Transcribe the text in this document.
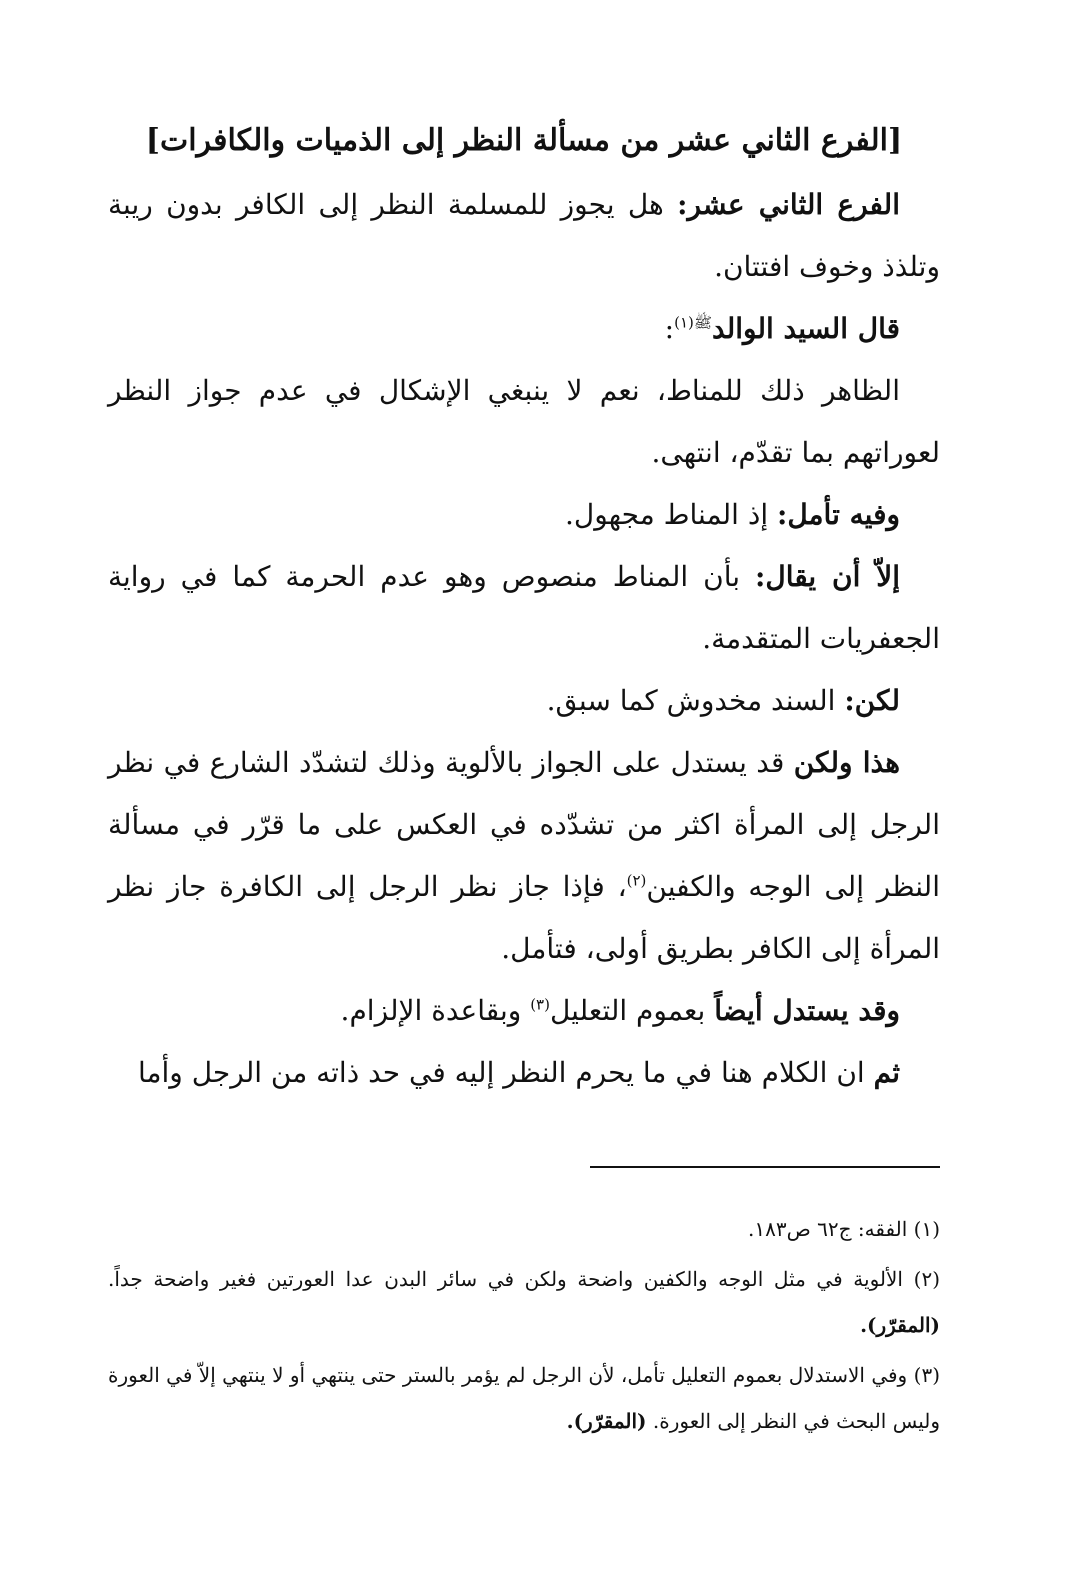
[الفرع الثاني عشر من مسألة النظر إلى الذميات والكافرات]

الفرع الثاني عشر: هل يجوز للمسلمة النظر إلى الكافر بدون ريبة وتلذذ وخوف افتتان.

قال السيد الوالد$^{ﷺ(١)}$:

الظاهر ذلك للمناط، نعم لا ينبغي الإشكال في عدم جواز النظر لعوراتهم بما تقدّم، انتهى.

وفيه تأمل: إذ المناط مجهول.

إلاّ أن يقال: بأن المناط منصوص وهو عدم الحرمة كما في رواية الجعفريات المتقدمة.

لكن: السند مخدوش كما سبق.

هذا ولكن قد يستدل على الجواز بالألوية وذلك لتشدّد الشارع في نظر الرجل إلى المرأة اكثر من تشدّده في العكس على ما قرّر في مسألة النظر إلى الوجه والكفين$^{(٢)}$، فإذا جاز نظر الرجل إلى الكافرة جاز نظر المرأة إلى الكافر بطريق أولى، فتأمل.

وقد يستدل أيضاً بعموم التعليل$^{(٣)}$ وبقاعدة الإلزام.

ثم ان الكلام هنا في ما يحرم النظر إليه في حد ذاته من الرجل وأما

(١) الفقه: ج٦٢ ص١٨٣.

(٢) الألوية في مثل الوجه والكفين واضحة ولكن في سائر البدن عدا العورتين فغير واضحة جداً. (المقرّر).

(٣) وفي الاستدلال بعموم التعليل تأمل، لأن الرجل لم يؤمر بالستر حتى ينتهي أو لا ينتهي إلاّ في العورة وليس البحث في النظر إلى العورة. (المقرّر).
